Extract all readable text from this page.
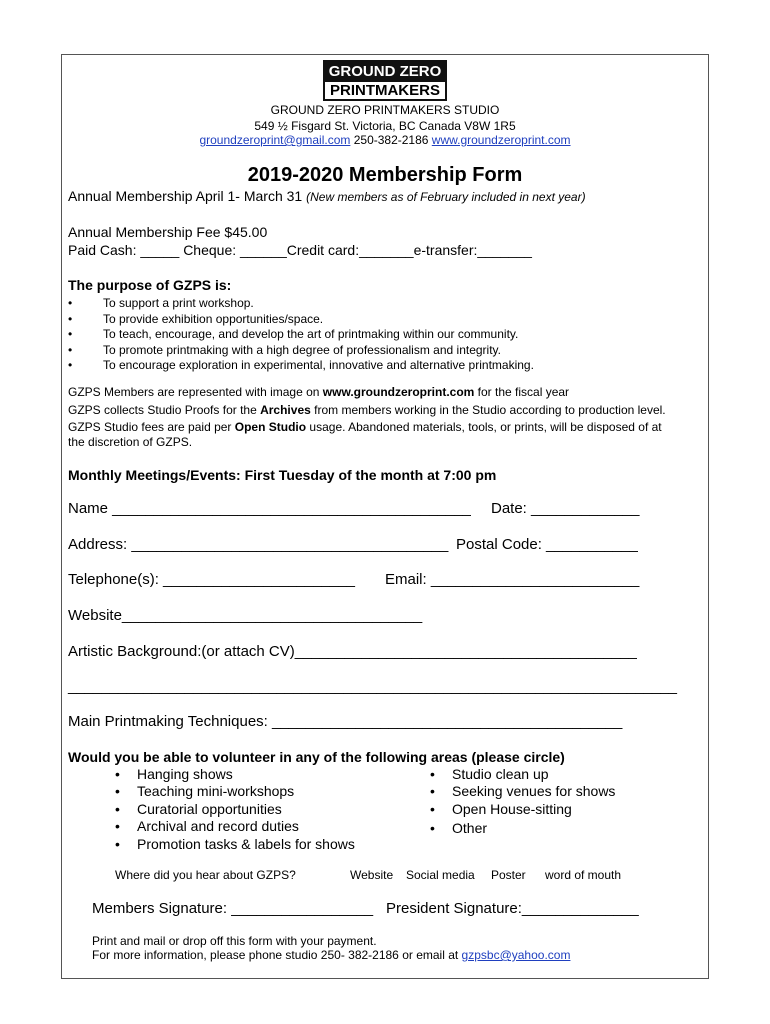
GROUND ZERO
PRINTMAKERS
GROUND ZERO PRINTMAKERS STUDIO
549 ½ Fisgard St. Victoria, BC Canada V8W 1R5
groundzeroprint@gmail.com 250-382-2186 www.groundzeroprint.com
2019-2020 Membership Form
Annual Membership April 1- March 31 (New members as of February included in next year)
Annual Membership Fee $45.00
Paid Cash: _____ Cheque: ______Credit card:_______e-transfer:_______
The purpose of GZPS is:
•	To support a print workshop.
•	To provide exhibition opportunities/space.
•	To teach, encourage, and develop the art of printmaking within our community.
•	To promote printmaking with a high degree of professionalism and integrity.
•	To encourage exploration in experimental, innovative and alternative printmaking.
GZPS Members are represented with image on www.groundzeroprint.com for the fiscal year
GZPS collects Studio Proofs for the Archives from members working in the Studio according to production level.
GZPS Studio fees are paid per Open Studio usage. Abandoned materials, tools, or prints, will be disposed of at
the discretion of GZPS.
Monthly Meetings/Events: First Tuesday of the month at 7:00 pm
Name ___________________________________________ Date: _____________
Address: ______________________________________ Postal Code: ___________
Telephone(s): _______________________ Email: _________________________
Website____________________________________
Artistic Background:(or attach CV)_________________________________________
_________________________________________________________________________
Main Printmaking Techniques: __________________________________________
Would you be able to volunteer in any of the following areas (please circle)
• Hanging shows
• Teaching mini-workshops
• Curatorial opportunities
• Archival and record duties
• Promotion tasks & labels for shows
• Studio clean up
• Seeking venues for shows
• Open House-sitting
• Other
Where did you hear about GZPS?	Website Social media Poster word of mouth
Members Signature: _________________ President Signature:______________
Print and mail or drop off this form with your payment.
For more information, please phone studio 250- 382-2186 or email at gzpsbc@yahoo.com
